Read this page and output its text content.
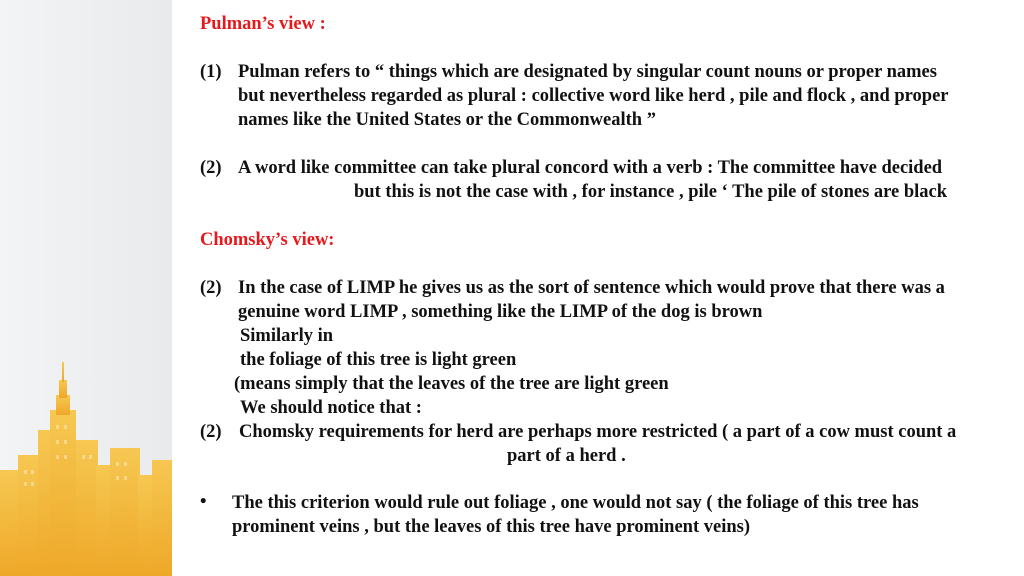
Pulman’s view :
(1) Pulman refers to “ things which are designated by singular count nouns or proper names
but nevertheless regarded as plural : collective word like herd , pile and flock , and proper
names like the United States or the Commonwealth ”
(2) A word like committee can take plural concord with a verb : The committee have decided
but this is not the case with , for instance , pile ‘ The pile of stones are black
Chomsky’s view:
(2) In the case of LIMP he gives us as the sort of sentence which would prove that there was a
genuine word LIMP , something like the LIMP of the dog is brown
Similarly in
the foliage of this tree is light green
(means simply that the leaves of the tree are light green
We should notice that :
(2) Chomsky requirements for herd are perhaps more restricted ( a part of a cow must count a
part of a herd .
• The this criterion would rule out foliage , one would not say ( the foliage of this tree has
prominent veins , but the leaves of this tree have prominent veins)
